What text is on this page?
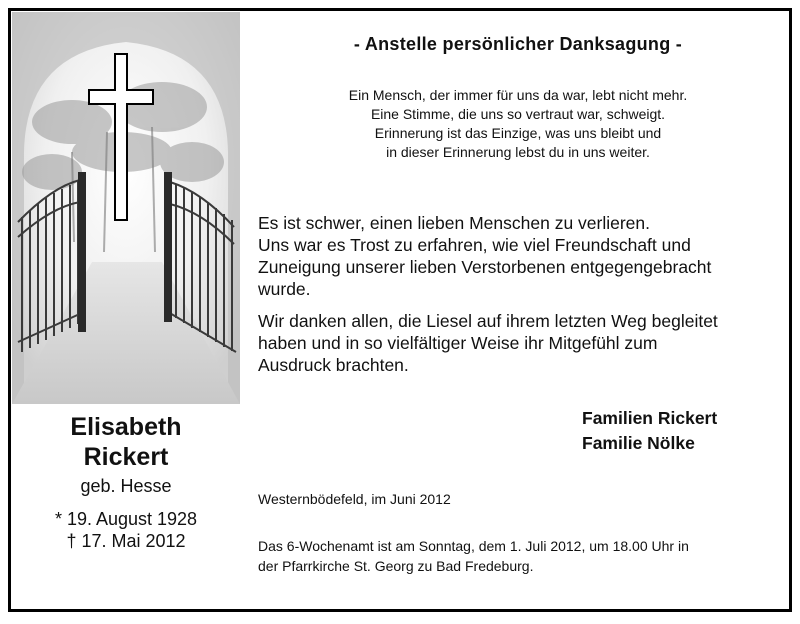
Elisabeth
Rickert
geb. Hesse
* 19. August 1928
† 17. Mai 2012
- Anstelle persönlicher Danksagung -
Ein Mensch, der immer für uns da war, lebt nicht mehr.
Eine Stimme, die uns so vertraut war, schweigt.
Erinnerung ist das Einzige, was uns bleibt und
in dieser Erinnerung lebst du in uns weiter.

Es ist schwer, einen lieben Menschen zu verlieren.
Uns war es Trost zu erfahren, wie viel Freundschaft und
Zuneigung unserer lieben Verstorbenen entgegengebracht
wurde.

Wir danken allen, die Liesel auf ihrem letzten Weg begleitet
haben und in so vielfältiger Weise ihr Mitgefühl zum
Ausdruck brachten.

Familien Rickert
Familie Nölke
Westernbödefeld, im Juni 2012
Das 6-Wochenamt ist am Sonntag, dem 1. Juli 2012, um 18.00 Uhr in
der Pfarrkirche St. Georg zu Bad Fredeburg.
